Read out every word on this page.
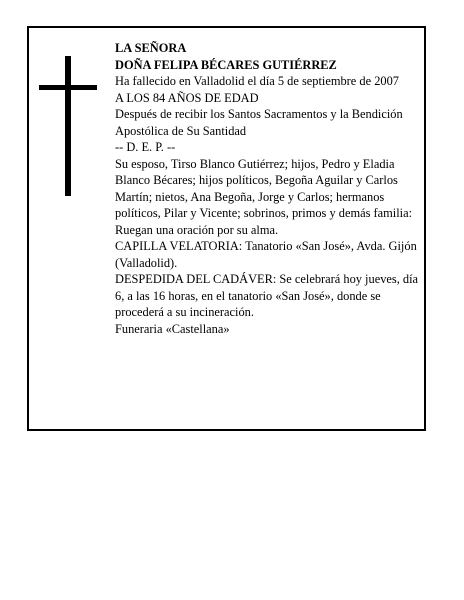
LA SEÑORA

DOÑA FELIPA BÉCARES GUTIÉRREZ

Ha fallecido en Valladolid el día 5 de septiembre de 2007

A LOS 84 AÑOS DE EDAD

Después de recibir los Santos Sacramentos y la Bendición Apostólica de Su Santidad

-- D. E. P. --

Su esposo, Tirso Blanco Gutiérrez; hijos, Pedro y Eladia Blanco Bécares; hijos políticos, Begoña Aguilar y Carlos Martín; nietos, Ana Begoña, Jorge y Carlos; hermanos políticos, Pilar y Vicente; sobrinos, primos y demás familia:

Ruegan una oración por su alma.

CAPILLA VELATORIA: Tanatorio «San José», Avda. Gijón (Valladolid).

DESPEDIDA DEL CADÁVER: Se celebrará hoy jueves, día 6, a las 16 horas, en el tanatorio «San José», donde se procederá a su incineración.

Funeraria «Castellana»
